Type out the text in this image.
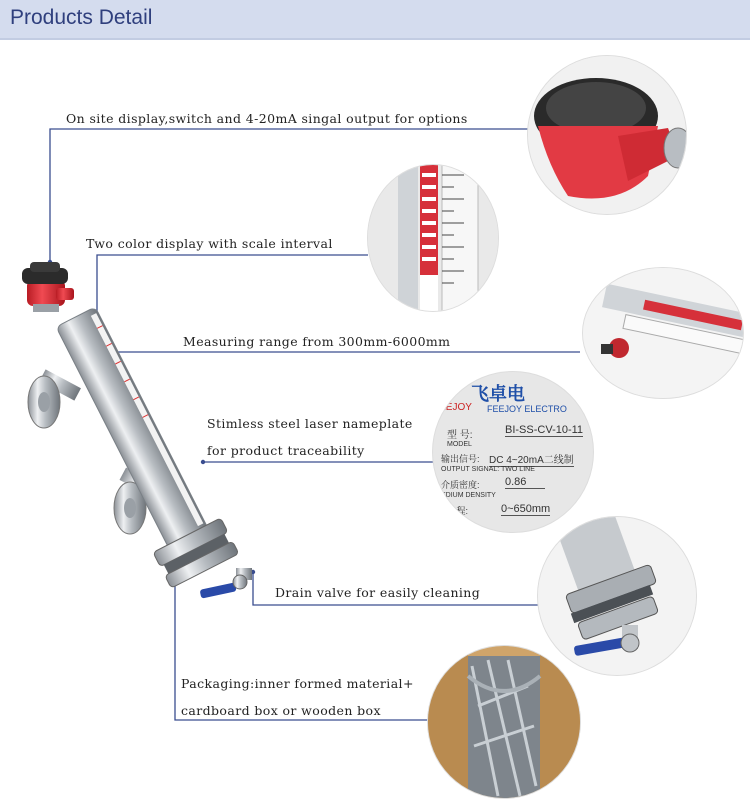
Products Detail
On site display,switch and 4-20mA singal output for options
Two color display with scale interval
Measuring range from 300mm-6000mm
Stimless steel laser nameplate
for product traceability
Drain valve for easily cleaning
Packaging:inner formed material+
cardboard box or wooden box
飞卓电
FEEJOY FEEJOY ELECTRO
型 号:	BI-SS-CV-10-11
MODEL
输出信号: DC 4~20mA二线制
OUTPUT SIGNAL: TWO LINE
介质密度: 0.86
EDIUM DENSITY
量 程:	0~650mm
